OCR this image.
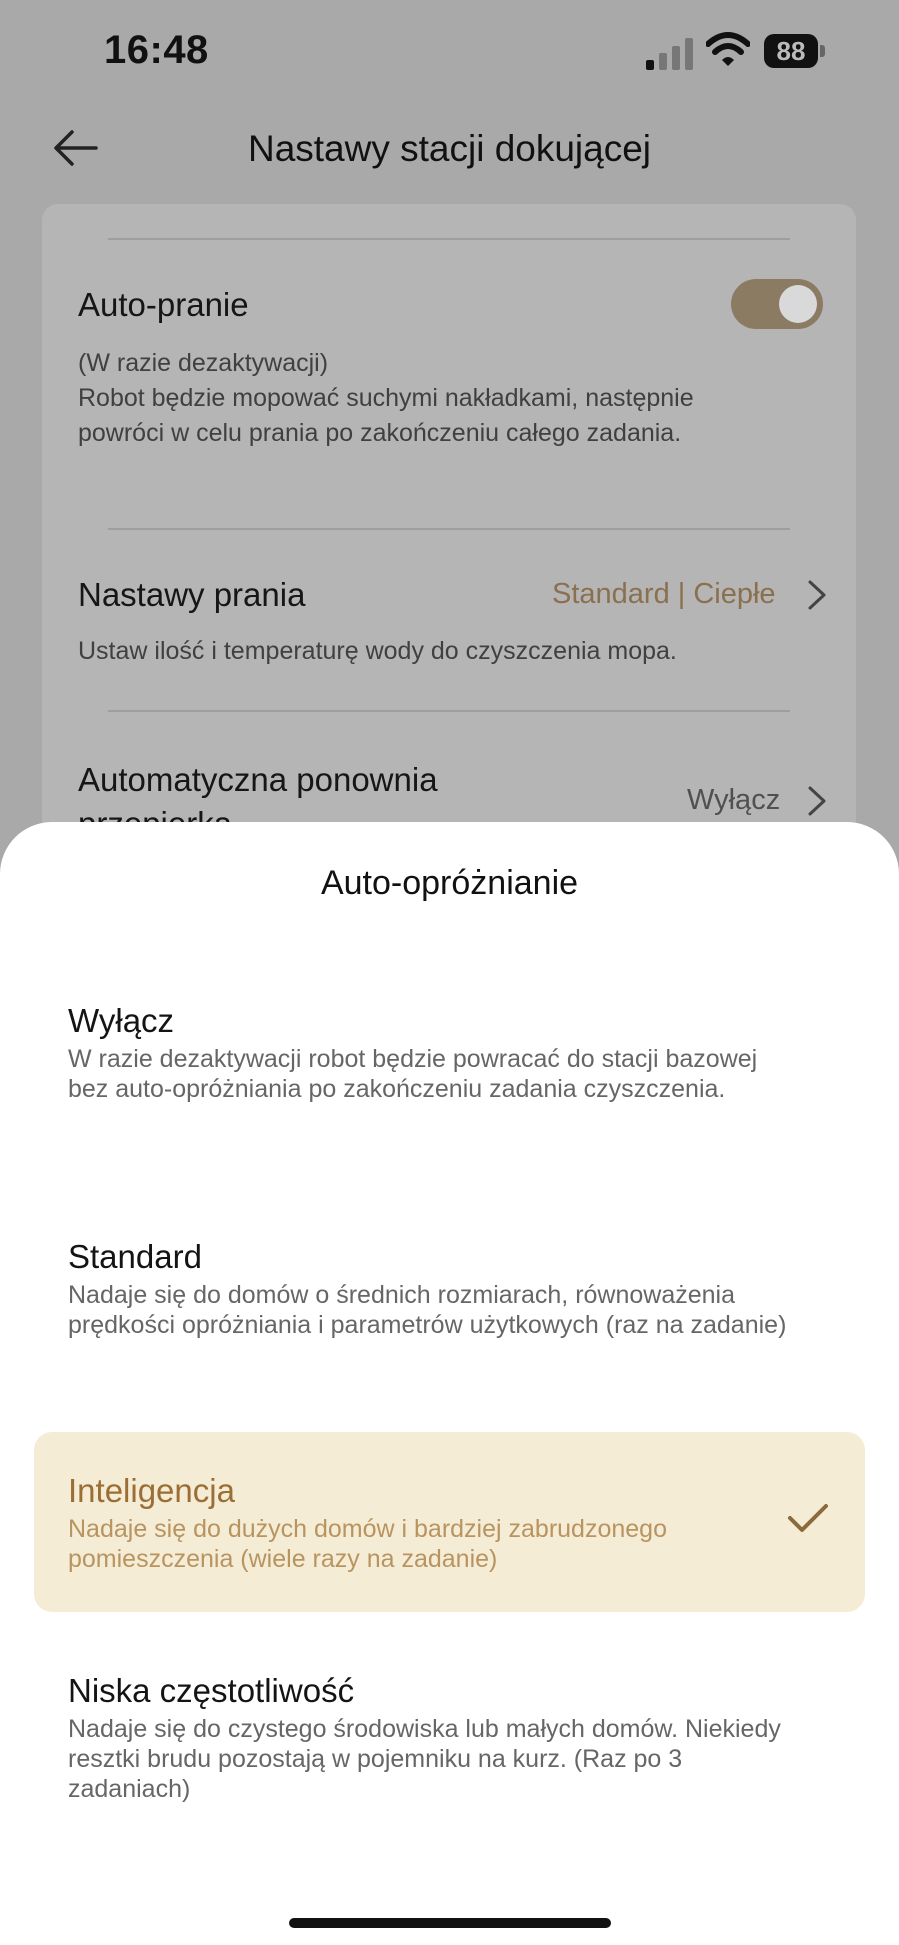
16:48	88
Nastawy stacji dokującej
Auto-pranie
(W razie dezaktywacji)
Robot będzie mopować suchymi nakładkami, następnie powróci w celu prania po zakończeniu całego zadania.
Nastawy prania	Standard | Ciepłe
Ustaw ilość i temperaturę wody do czyszczenia mopa.
Automatyczna ponownia
Wyłącz
Auto-opróżnianie
Wyłącz
W razie dezaktywacji robot będzie powracać do stacji bazowej bez auto-opróżniania po zakończeniu zadania czyszczenia.
Standard
Nadaje się do domów o średnich rozmiarach, równoważenia prędkości opróżniania i parametrów użytkowych (raz na zadanie)
Inteligencja
Nadaje się do dużych domów i bardziej zabrudzonego pomieszczenia (wiele razy na zadanie)
Niska częstotliwość
Nadaje się do czystego środowiska lub małych domów. Niekiedy resztki brudu pozostają w pojemniku na kurz. (Raz po 3 zadaniach)
